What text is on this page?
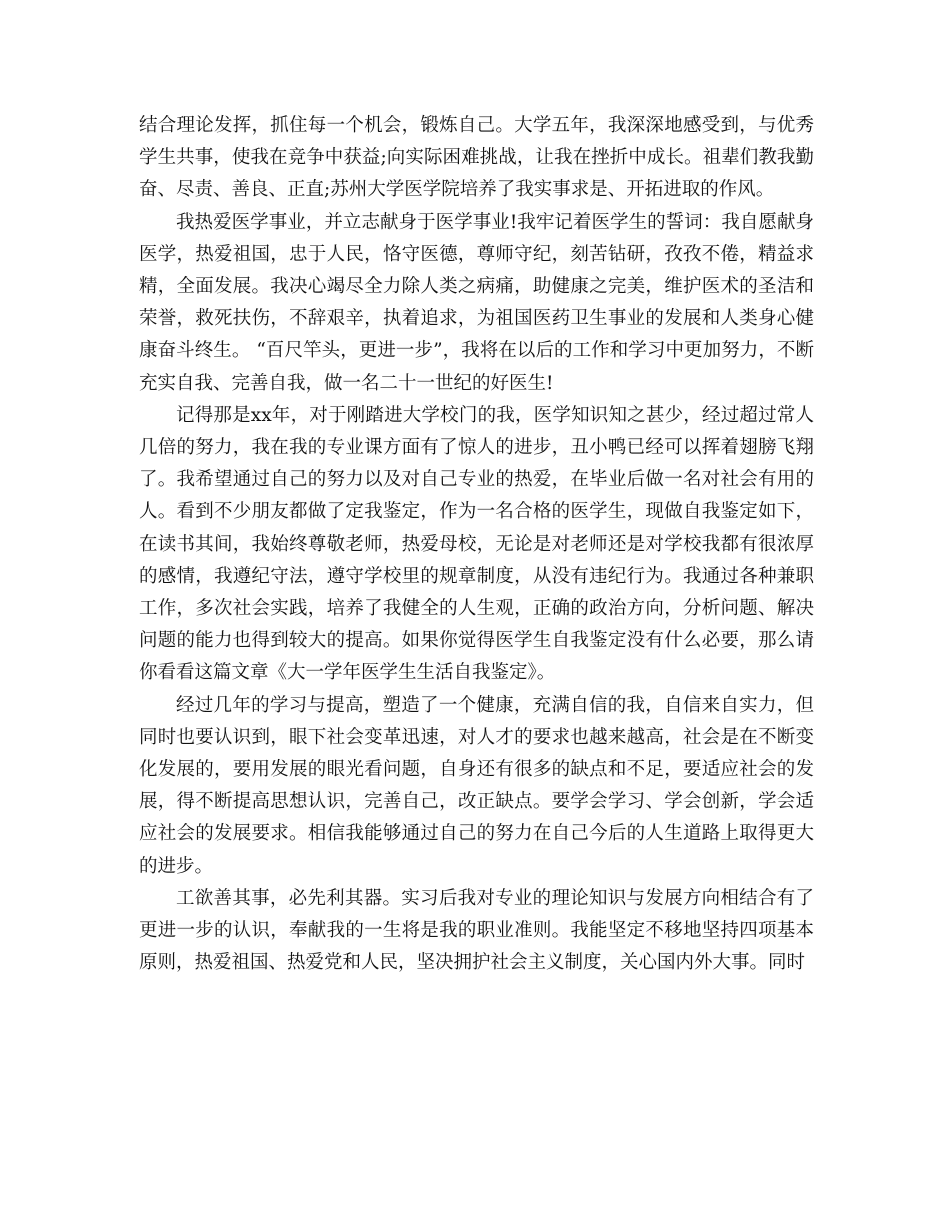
结合理论发挥，抓住每一个机会，锻炼自己。大学五年，我深深地感受到，与优秀学生共事，使我在竞争中获益;向实际困难挑战，让我在挫折中成长。祖辈们教我勤奋、尽责、善良、正直;苏州大学医学院培养了我实事求是、开拓进取的作风。

我热爱医学事业，并立志献身于医学事业!我牢记着医学生的誓词：我自愿献身医学，热爱祖国，忠于人民，恪守医德，尊师守纪，刻苦钻研，孜孜不倦，精益求精，全面发展。我决心竭尽全力除人类之病痛，助健康之完美，维护医术的圣洁和荣誉，救死扶伤，不辞艰辛，执着追求，为祖国医药卫生事业的发展和人类身心健康奋斗终生。 “百尺竿头，更进一步”，我将在以后的工作和学习中更加努力，不断充实自我、完善自我，做一名二十一世纪的好医生!

记得那是xx年，对于刚踏进大学校门的我，医学知识知之甚少，经过超过常人几倍的努力，我在我的专业课方面有了惊人的进步，丑小鸭已经可以挥着翅膀飞翔了。我希望通过自己的努力以及对自己专业的热爱，在毕业后做一名对社会有用的人。看到不少朋友都做了定我鉴定，作为一名合格的医学生，现做自我鉴定如下，在读书其间，我始终尊敬老师，热爱母校，无论是对老师还是对学校我都有很浓厚的感情，我遵纪守法，遵守学校里的规章制度，从没有违纪行为。我通过各种兼职工作，多次社会实践，培养了我健全的人生观，正确的政治方向，分析问题、解决问题的能力也得到较大的提高。如果你觉得医学生自我鉴定没有什么必要，那么请你看看这篇文章《大一学年医学生生活自我鉴定》。

经过几年的学习与提高，塑造了一个健康，充满自信的我，自信来自实力，但同时也要认识到，眼下社会变革迅速，对人才的要求也越来越高，社会是在不断变化发展的，要用发展的眼光看问题，自身还有很多的缺点和不足，要适应社会的发展，得不断提高思想认识，完善自己，改正缺点。要学会学习、学会创新，学会适应社会的发展要求。相信我能够通过自己的努力在自己今后的人生道路上取得更大的进步。

工欲善其事，必先利其器。实习后我对专业的理论知识与发展方向相结合有了更进一步的认识，奉献我的一生将是我的职业准则。我能坚定不移地坚持四项基本原则，热爱祖国、热爱党和人民，坚决拥护社会主义制度，关心国内外大事。同时
